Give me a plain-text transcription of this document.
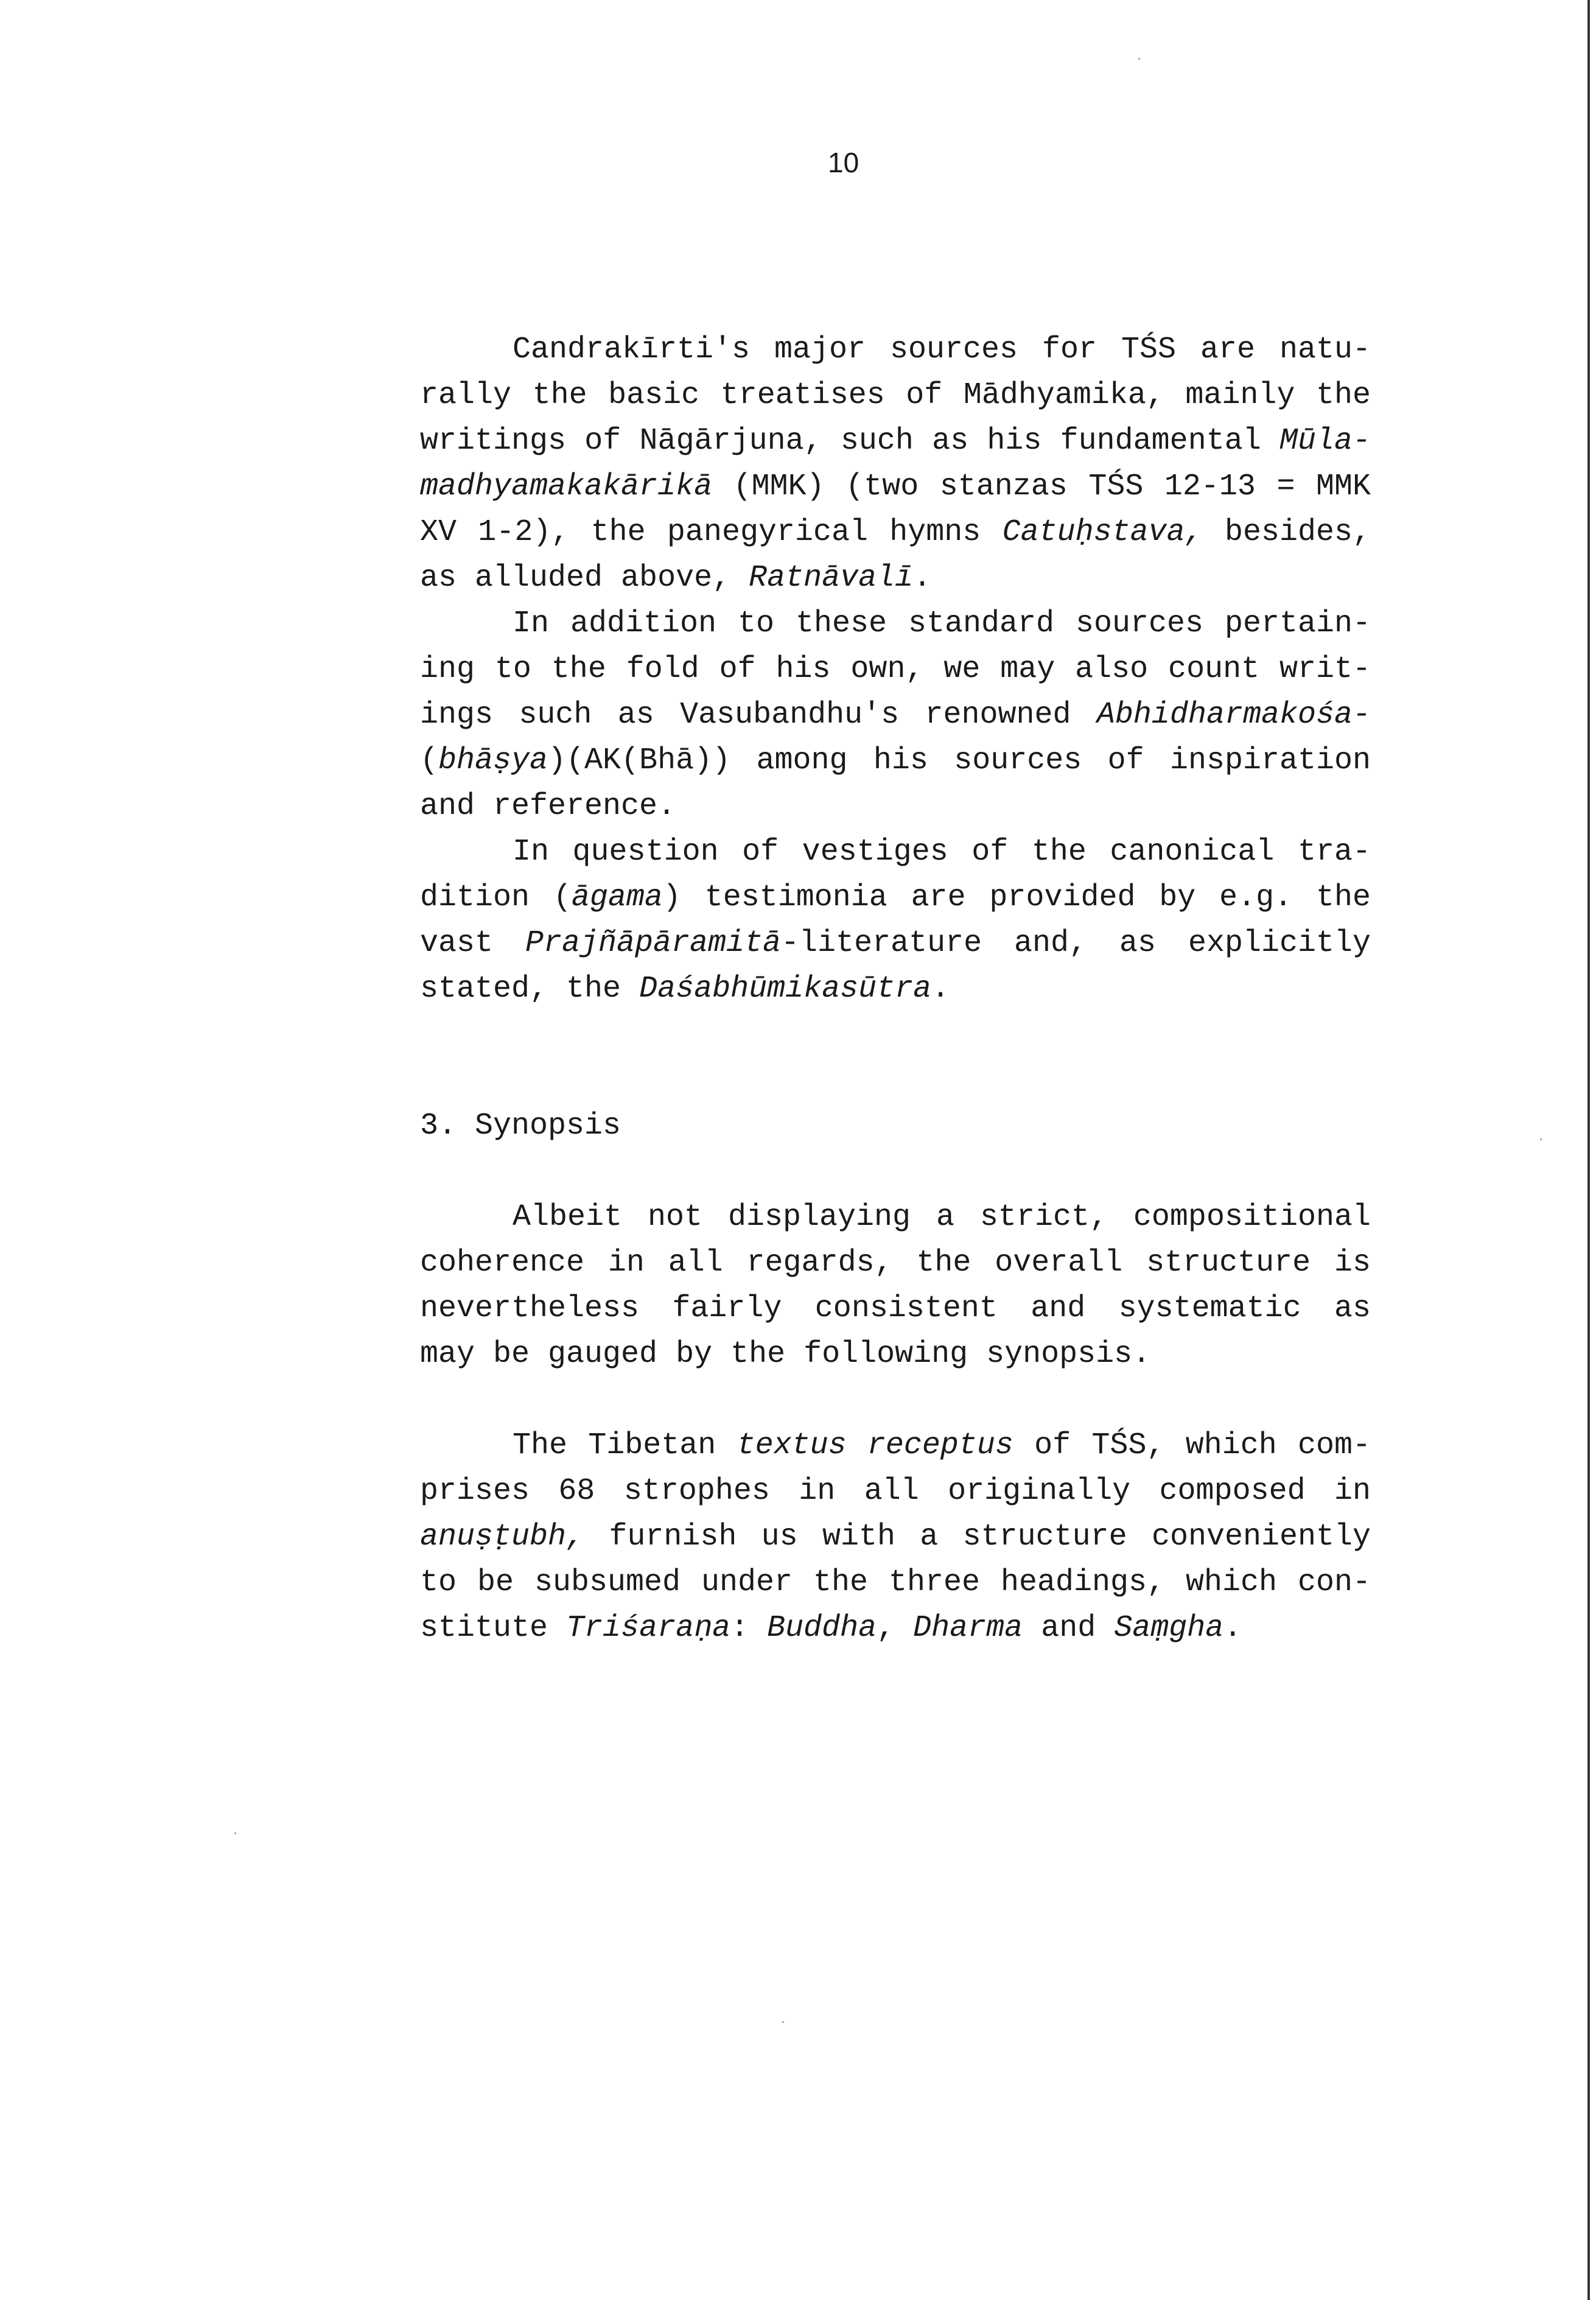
10
Candrakīrti's major sources for TŚS are natu-
rally the basic treatises of Mādhyamika, mainly the
writings of Nāgārjuna, such as his fundamental Mūla-
madhyamakakārikā (MMK) (two stanzas TŚS 12-13 = MMK
XV 1-2), the panegyrical hymns Catuḥstava, besides,
as alluded above, Ratnāvalī.
In addition to these standard sources pertain-
ing to the fold of his own, we may also count writ-
ings such as Vasubandhu's renowned Abhidharmakośa-
(bhāṣya)(AK(Bhā)) among his sources of inspiration
and reference.
In question of vestiges of the canonical tra-
dition (āgama) testimonia are provided by e.g. the
vast Prajñāpāramitā-literature and, as explicitly
stated, the Daśabhūmikasūtra.
3. Synopsis
Albeit not displaying a strict, compositional
coherence in all regards, the overall structure is
nevertheless fairly consistent and systematic as
may be gauged by the following synopsis.
The Tibetan textus receptus of TŚS, which com-
prises 68 strophes in all originally composed in
anuṣṭubh, furnish us with a structure conveniently
to be subsumed under the three headings, which con-
stitute Triśaraṇa: Buddha, Dharma and Saṃgha.
